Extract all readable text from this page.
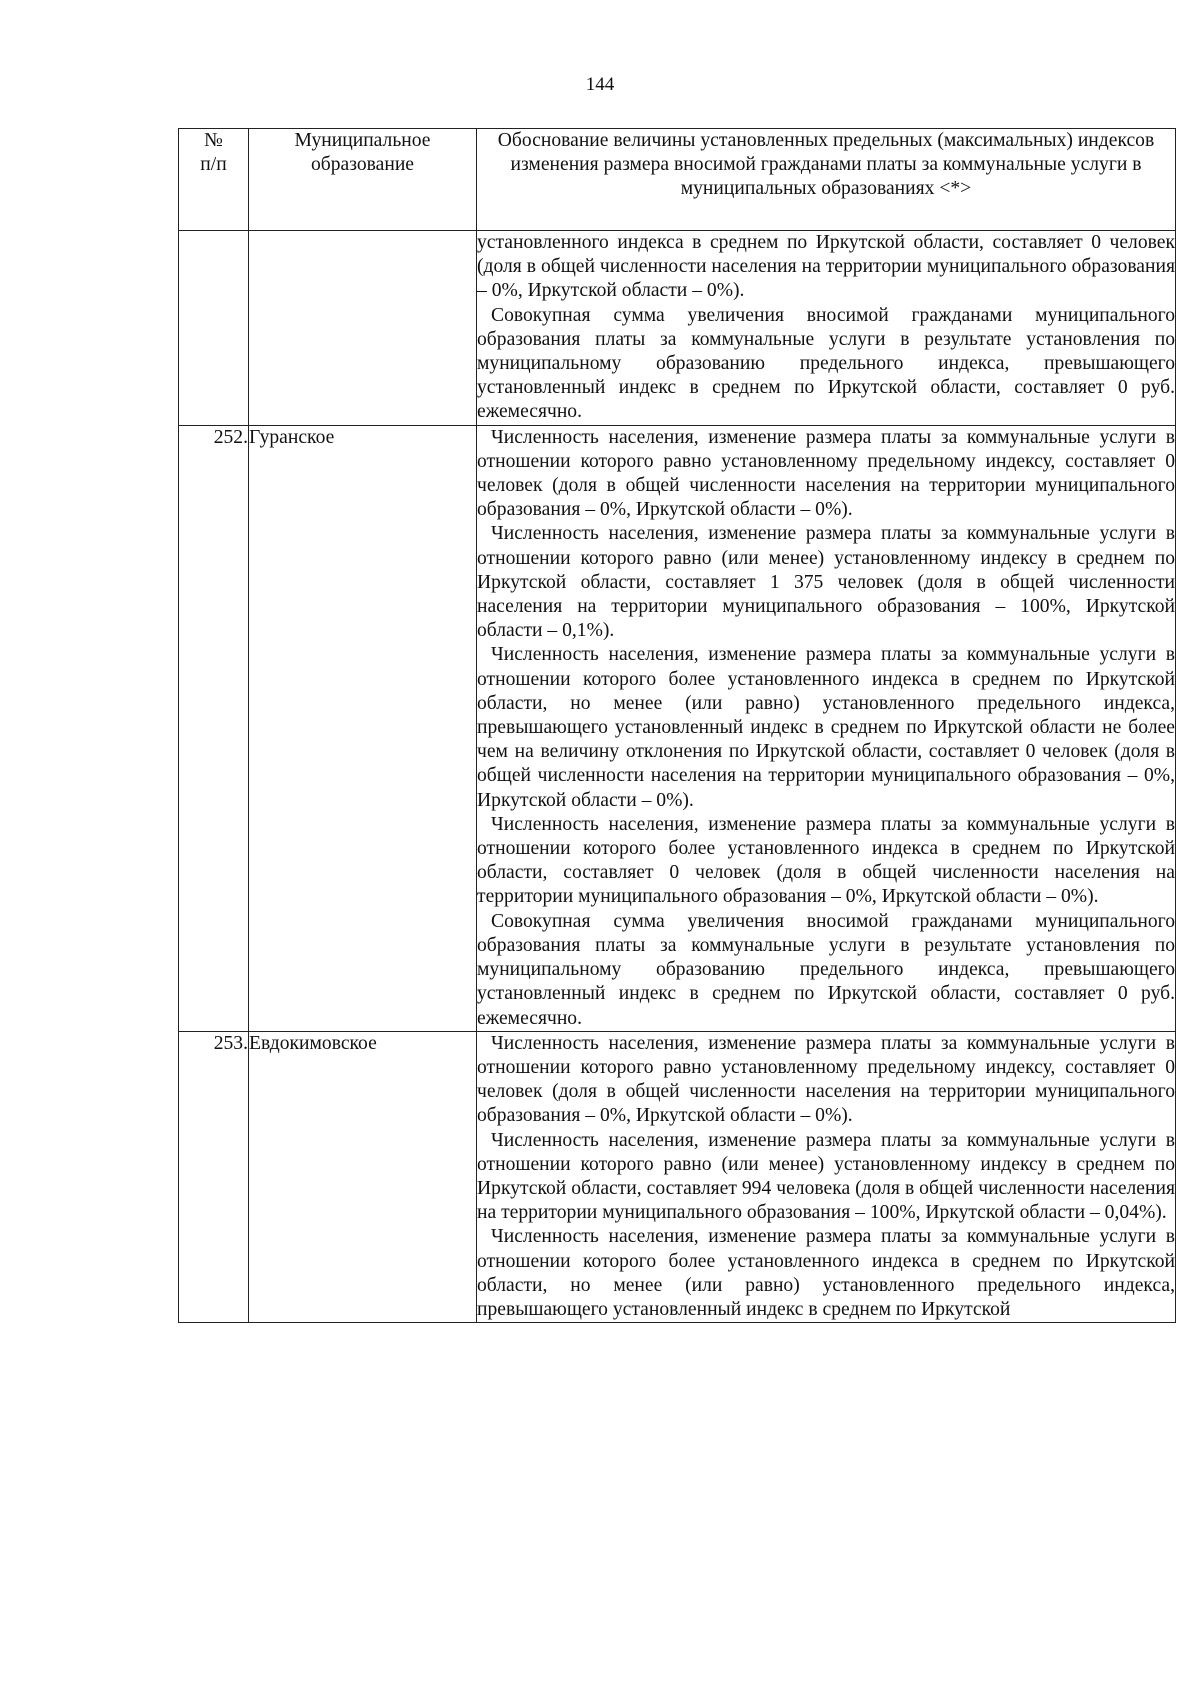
144
№
п/п	Муниципальное образование	Обоснование величины установленных предельных (максимальных) индексов изменения размера вносимой гражданами платы за коммунальные услуги в муниципальных образованиях <*>

		установленного индекса в среднем по Иркутской области, составляет 0 человек (доля в общей численности населения на территории муниципального образования – 0%, Иркутской области – 0%).

Совокупная сумма увеличения вносимой гражданами муниципального образования платы за коммунальные услуги в результате установления по муниципальному образованию предельного индекса, превышающего установленный индекс в среднем по Иркутской области, составляет 0 руб. ежемесячно.

252.	Гуранское	Численность населения, изменение размера платы за коммунальные услуги в отношении которого равно установленному предельному индексу, составляет 0 человек (доля в общей численности населения на территории муниципального образования – 0%, Иркутской области – 0%).

Численность населения, изменение размера платы за коммунальные услуги в отношении которого равно (или менее) установленному индексу в среднем по Иркутской области, составляет 1 375 человек (доля в общей численности населения на территории муниципального образования – 100%, Иркутской области – 0,1%).

Численность населения, изменение размера платы за коммунальные услуги в отношении которого более установленного индекса в среднем по Иркутской области, но менее (или равно) установленного предельного индекса, превышающего установленный индекс в среднем по Иркутской области не более чем на величину отклонения по Иркутской области, составляет 0 человек (доля в общей численности населения на территории муниципального образования – 0%, Иркутской области – 0%).

Численность населения, изменение размера платы за коммунальные услуги в отношении которого более установленного индекса в среднем по Иркутской области, составляет 0 человек (доля в общей численности населения на территории муниципального образования – 0%, Иркутской области – 0%).

Совокупная сумма увеличения вносимой гражданами муниципального образования платы за коммунальные услуги в результате установления по муниципальному образованию предельного индекса, превышающего установленный индекс в среднем по Иркутской области, составляет 0 руб. ежемесячно.

253.	Евдокимовское	Численность населения, изменение размера платы за коммунальные услуги в отношении которого равно установленному предельному индексу, составляет 0 человек (доля в общей численности населения на территории муниципального образования – 0%, Иркутской области – 0%).

Численность населения, изменение размера платы за коммунальные услуги в отношении которого равно (или менее) установленному индексу в среднем по Иркутской области, составляет 994 человека (доля в общей численности населения на территории муниципального образования – 100%, Иркутской области – 0,04%).

Численность населения, изменение размера платы за коммунальные услуги в отношении которого более установленного индекса в среднем по Иркутской области, но менее (или равно) установленного предельного индекса, превышающего установленный индекс в среднем по Иркутской
